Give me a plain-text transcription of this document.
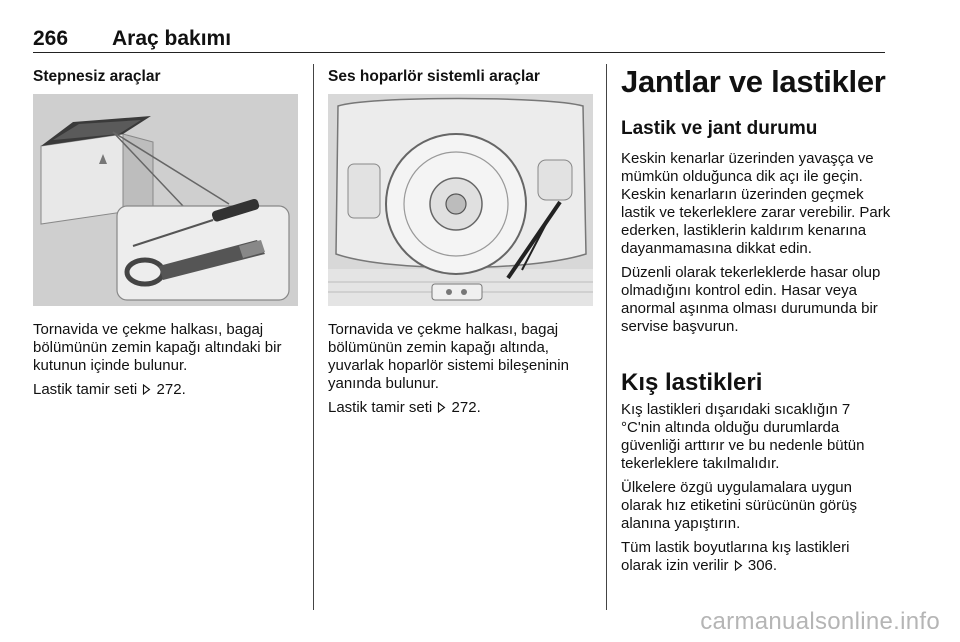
266 Araç bakımı
Stepnesiz araçlar

Tornavida ve çekme halkası, bagaj bölümünün zemin kapağı altındaki bir kutunun içinde bulunur.

Lastik tamir seti 272.

Ses hoparlör sistemli araçlar

Tornavida ve çekme halkası, bagaj bölümünün zemin kapağı altında, yuvarlak hoparlör sistemi bileşeninin yanında bulunur.

Lastik tamir seti 272.

Jantlar ve lastikler
Lastik ve jant durumu

Keskin kenarlar üzerinden yavaşça ve mümkün olduğunca dik açı ile geçin. Keskin kenarların üzerinden geçmek lastik ve tekerleklere zarar verebilir. Park ederken, lastiklerin kaldırım kenarına dayanmamasına dikkat edin.

Düzenli olarak tekerleklerde hasar olup olmadığını kontrol edin. Hasar veya anormal aşınma olması durumunda bir servise başvurun.

Kış lastikleri

Kış lastikleri dışarıdaki sıcaklığın 7 °C'nin altında olduğu durumlarda güvenliği arttırır ve bu nedenle bütün tekerleklere takılmalıdır.

Ülkelere özgü uygulamalara uygun olarak hız etiketini sürücünün görüş alanına yapıştırın.

Tüm lastik boyutlarına kış lastikleri olarak izin verilir 306.

carmanualsonline.info
